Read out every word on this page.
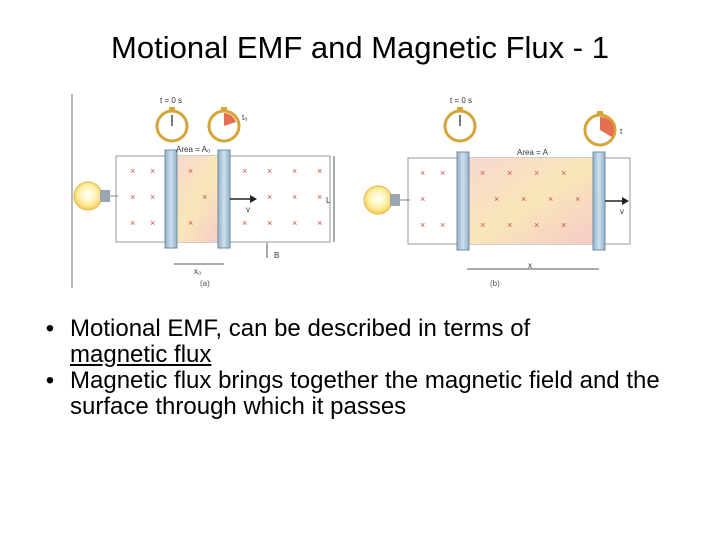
Motional EMF and Magnetic Flux - 1
× ×
× ×
× ×
×
×
×
× × × ×
× × ×
× × × ×
v
t = 0 s
t₀
Area = A₀
L
B
x₀
(a)
× ×
×
× ×
× × × ×
× × × ×
× × × ×
v
t = 0 s
t
Area = A
x
(b)
• Motional EMF, can be described in terms of
magnetic flux
• Magnetic flux brings together the magnetic field and the surface through which it passes
